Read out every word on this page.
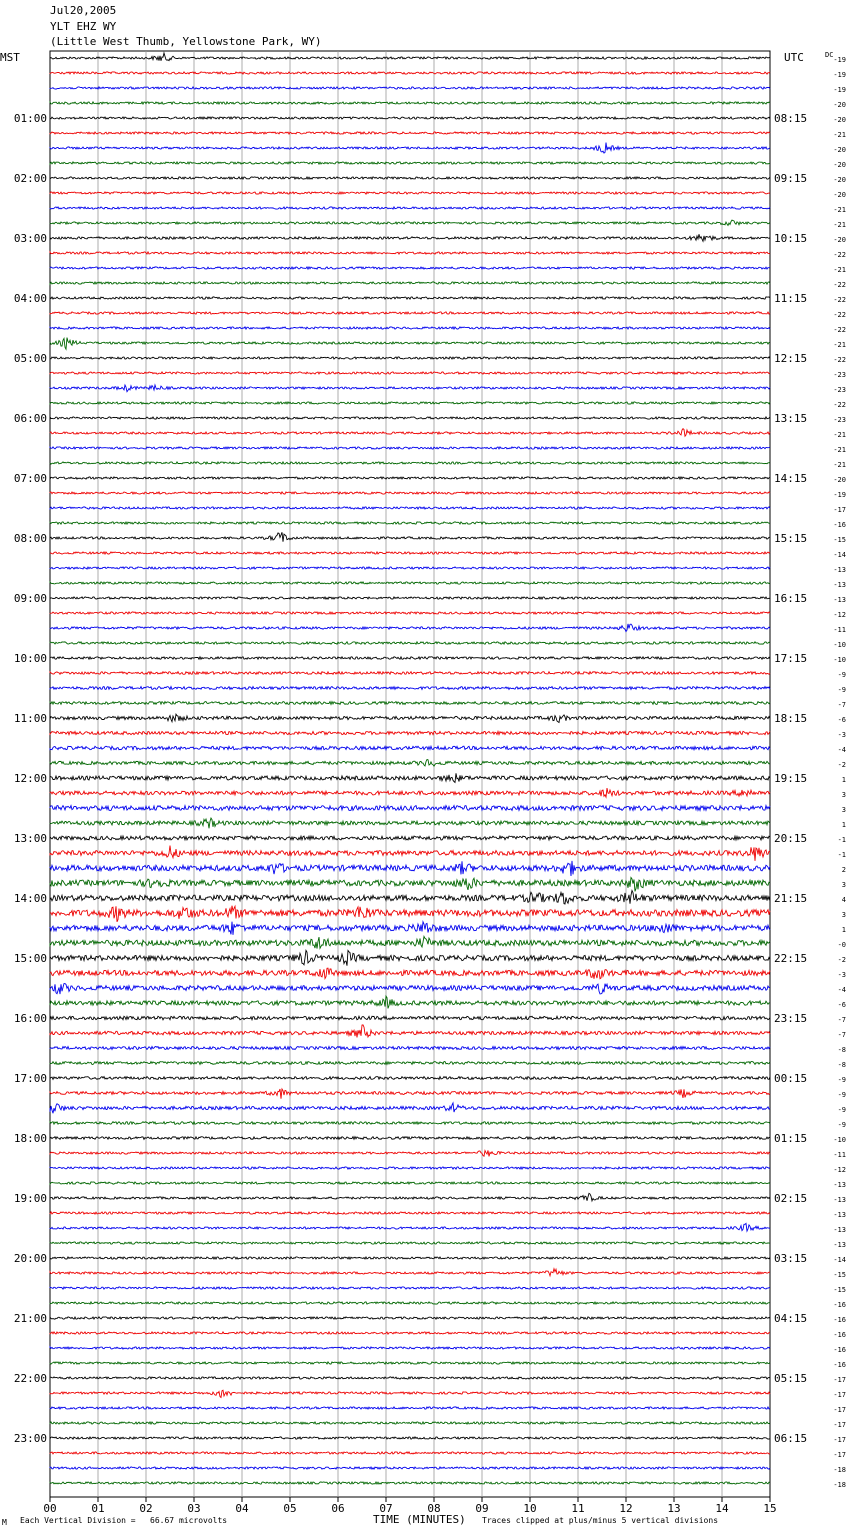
Jul20,2005
YLT EHZ WY
(Little West Thumb, Yellowstone Park, WY)
-19
-19
-19
-20
-20
-21
-20
-20
-20
-20
-21
-21
-20
-22
-21
-22
-22
-22
-22
-21
-22
-23
-23
-22
-23
-21
-21
-21
-20
-19
-17
-16
-15
-14
-13
-13
-13
-12
-11
-10
-10
-9
-9
-7
-6
-3
-4
-2
1
3
3
1
-1
-1
2
3
4
3
1
-0
-2
-3
-4
-6
-7
-7
-8
-8
-9
-9
-9
-9
-10
-11
-12
-13
-13
-13
-13
-13
-14
-15
-15
-16
-16
-16
-16
-16
-17
-17
-17
-17
-17
-17
-18
-18
MST	UTC	DC
01:00
02:00
03:00
04:00
05:00
06:00
07:00
08:00
09:00
10:00
11:00
12:00
13:00
14:00
15:00
16:00
17:00
18:00
19:00
20:00
21:00
22:00
23:00
08:15
09:15
10:15
11:15
12:15
13:15
14:15
15:15
16:15
17:15
18:15
19:15
20:15
21:15
22:15
23:15
00:15
01:15
02:15
03:15
04:15
05:15
06:15
00	01	02	03	04	05	06	07	08	09	10	11	12	13	14	15
M Each Vertical Division =   66.67 microvolts	TIME (MINUTES) Traces clipped at plus/minus 5 vertical divisions
